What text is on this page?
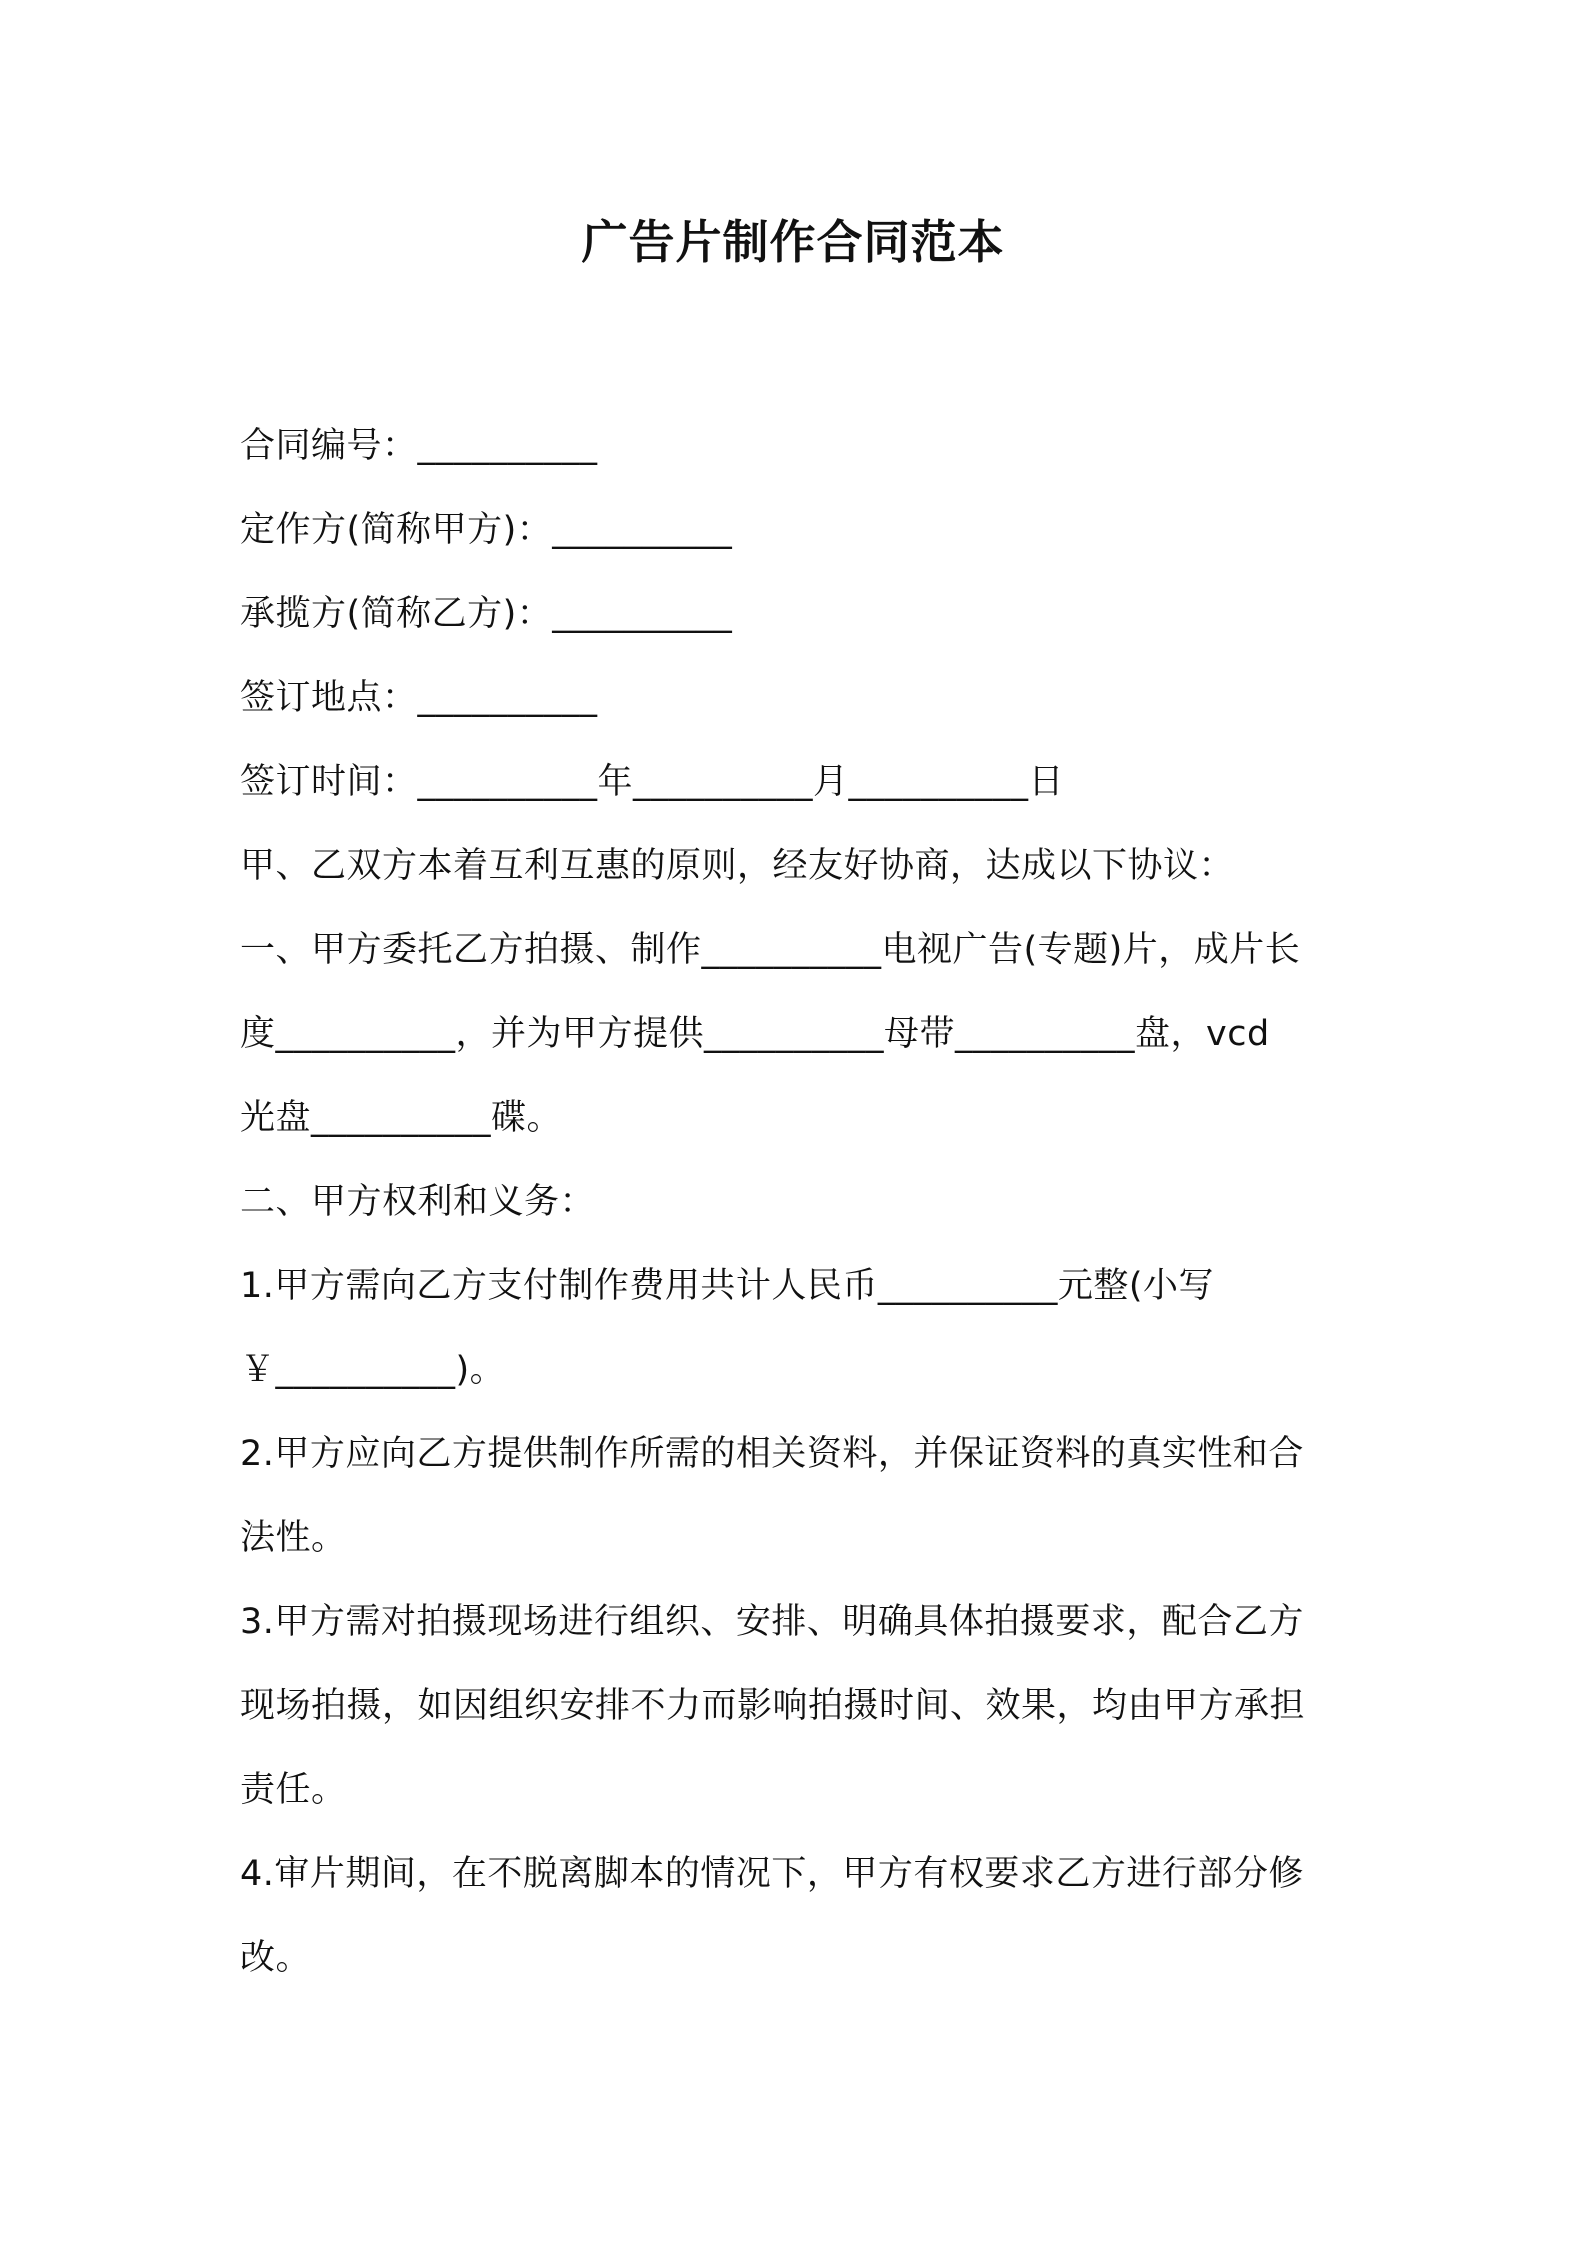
广告片制作合同范本

合同编号：__________

定作方(简称甲方)：__________

承揽方(简称乙方)：__________

签订地点：__________

签订时间：__________年__________月__________日

甲、乙双方本着互利互惠的原则，经友好协商，达成以下协议：

一、甲方委托乙方拍摄、制作__________电视广告(专题)片，成片长

度__________，并为甲方提供__________母带__________盘，vcd

光盘__________碟。

二、甲方权利和义务：

1.甲方需向乙方支付制作费用共计人民币__________元整(小写

￥__________)。

2.甲方应向乙方提供制作所需的相关资料，并保证资料的真实性和合

法性。

3.甲方需对拍摄现场进行组织、安排、明确具体拍摄要求，配合乙方

现场拍摄，如因组织安排不力而影响拍摄时间、效果，均由甲方承担

责任。

4.审片期间，在不脱离脚本的情况下，甲方有权要求乙方进行部分修

改。
